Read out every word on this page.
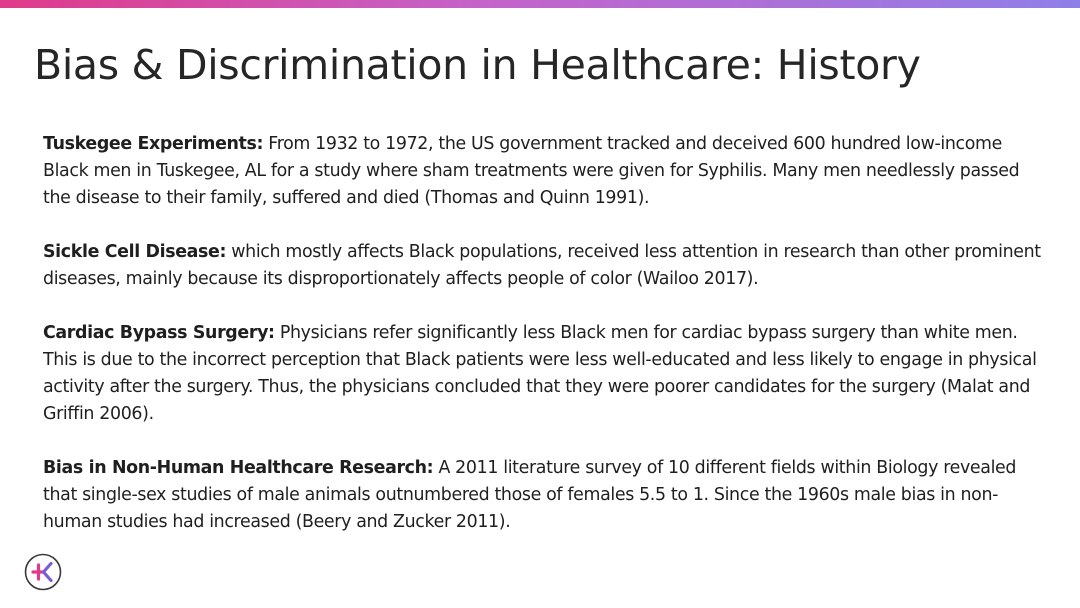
Bias & Discrimination in Healthcare: History

Tuskegee Experiments: From 1932 to 1972, the US government tracked and deceived 600 hundred low-income Black men in Tuskegee, AL for a study where sham treatments were given for Syphilis. Many men needlessly passed the disease to their family, suffered and died (Thomas and Quinn 1991).

Sickle Cell Disease: which mostly affects Black populations, received less attention in research than other prominent diseases, mainly because its disproportionately affects people of color (Wailoo 2017).

Cardiac Bypass Surgery: Physicians refer significantly less Black men for cardiac bypass surgery than white men. This is due to the incorrect perception that Black patients were less well-educated and less likely to engage in physical activity after the surgery. Thus, the physicians concluded that they were poorer candidates for the surgery (Malat and Griffin 2006).

Bias in Non-Human Healthcare Research: A 2011 literature survey of 10 different fields within Biology revealed that single-sex studies of male animals outnumbered those of females 5.5 to 1. Since the 1960s male bias in non-human studies had increased (Beery and Zucker 2011).
